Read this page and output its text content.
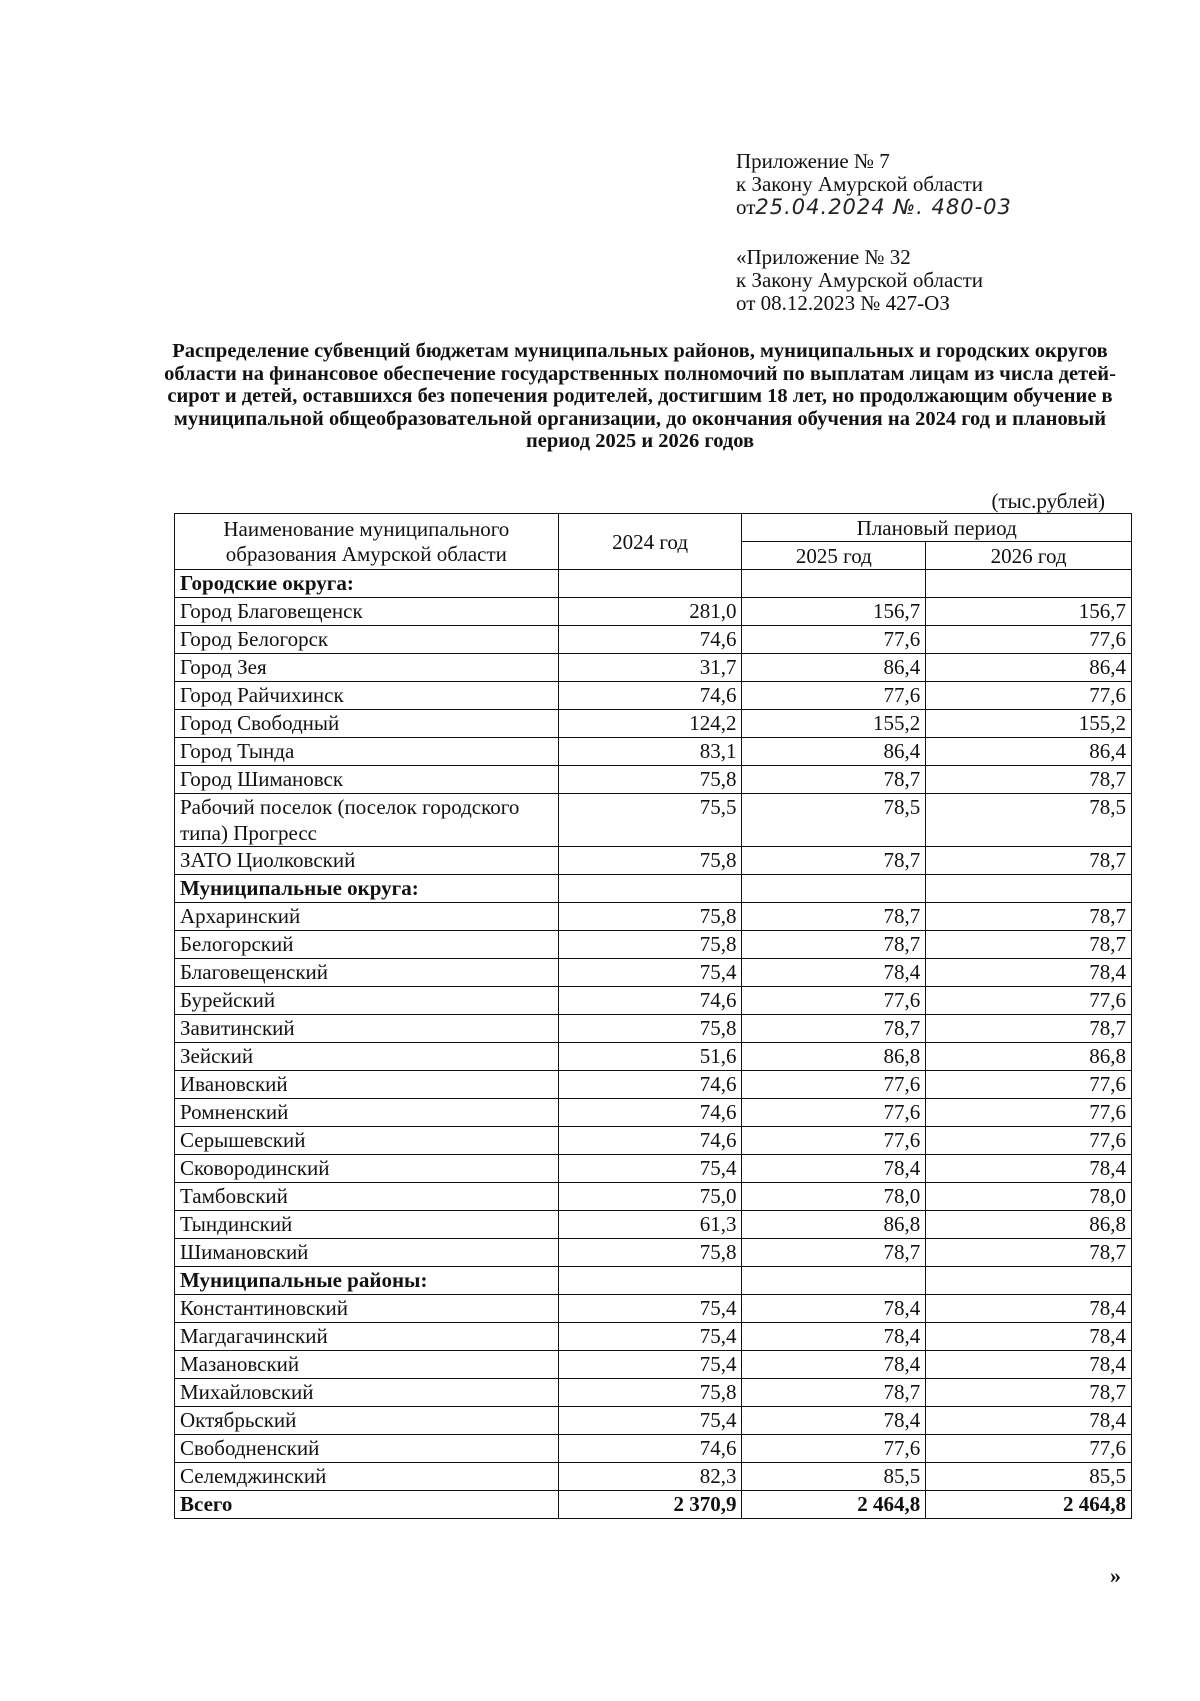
Приложение № 7
к Закону Амурской области
от25.04.2024 №. 480-03
«Приложение № 32
к Закону Амурской области
от 08.12.2023 № 427-ОЗ
Распределение субвенций бюджетам муниципальных районов, муниципальных и городских округов области на финансовое обеспечение государственных полномочий по выплатам лицам из числа детей-сирот и детей, оставшихся без попечения родителей, достигшим 18 лет, но продолжающим обучение в муниципальной общеобразовательной организации, до окончания обучения на 2024 год и плановый период 2025 и 2026 годов
(тыс.рублей)
Наименование муниципального образования Амурской области	2024 год	Плановый период	
		2025 год	2026 год
Городские округа:			
Город Благовещенск	281,0	156,7	156,7
Город Белогорск	74,6	77,6	77,6
Город Зея	31,7	86,4	86,4
Город Райчихинск	74,6	77,6	77,6
Город Свободный	124,2	155,2	155,2
Город Тында	83,1	86,4	86,4
Город Шимановск	75,8	78,7	78,7
Рабочий поселок (поселок городского типа) Прогресс	75,5	78,5	78,5
ЗАТО Циолковский	75,8	78,7	78,7
Муниципальные округа:			
Архаринский	75,8	78,7	78,7
Белогорский	75,8	78,7	78,7
Благовещенский	75,4	78,4	78,4
Бурейский	74,6	77,6	77,6
Завитинский	75,8	78,7	78,7
Зейский	51,6	86,8	86,8
Ивановский	74,6	77,6	77,6
Ромненский	74,6	77,6	77,6
Серышевский	74,6	77,6	77,6
Сковородинский	75,4	78,4	78,4
Тамбовский	75,0	78,0	78,0
Тындинский	61,3	86,8	86,8
Шимановский	75,8	78,7	78,7
Муниципальные районы:			
Константиновский	75,4	78,4	78,4
Магдагачинский	75,4	78,4	78,4
Мазановский	75,4	78,4	78,4
Михайловский	75,8	78,7	78,7
Октябрьский	75,4	78,4	78,4
Свободненский	74,6	77,6	77,6
Селемджинский	82,3	85,5	85,5
Всего	2 370,9	2 464,8	2 464,8
»
